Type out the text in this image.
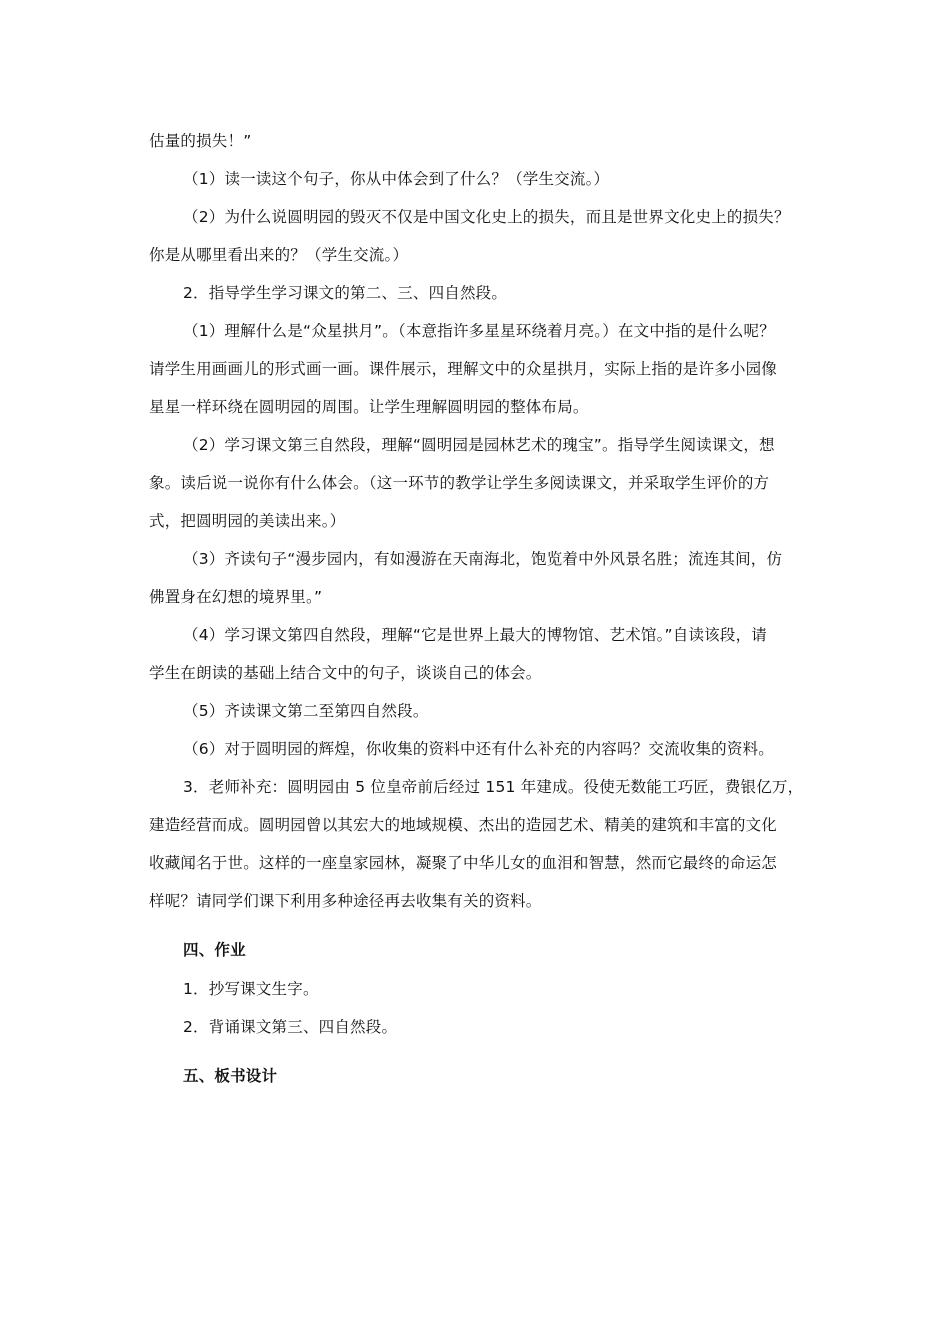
估量的损失！”
（1）读一读这个句子，你从中体会到了什么？（学生交流。）
（2）为什么说圆明园的毁灭不仅是中国文化史上的损失，而且是世界文化史上的损失？
你是从哪里看出来的？（学生交流。）
2．指导学生学习课文的第二、三、四自然段。
（1）理解什么是“众星拱月”。（本意指许多星星环绕着月亮。）在文中指的是什么呢？
请学生用画画儿的形式画一画。课件展示，理解文中的众星拱月，实际上指的是许多小园像
星星一样环绕在圆明园的周围。让学生理解圆明园的整体布局。
（2）学习课文第三自然段，理解“圆明园是园林艺术的瑰宝”。指导学生阅读课文，想
象。读后说一说你有什么体会。（这一环节的教学让学生多阅读课文，并采取学生评价的方
式，把圆明园的美读出来。）
（3）齐读句子“漫步园内，有如漫游在天南海北，饱览着中外风景名胜；流连其间，仿
佛置身在幻想的境界里。”
（4）学习课文第四自然段，理解“它是世界上最大的博物馆、艺术馆。”自读该段，请
学生在朗读的基础上结合文中的句子，谈谈自己的体会。
（5）齐读课文第二至第四自然段。
（6）对于圆明园的辉煌，你收集的资料中还有什么补充的内容吗？交流收集的资料。
3．老师补充：圆明园由 5 位皇帝前后经过 151 年建成。役使无数能工巧匠，费银亿万，
建造经营而成。圆明园曾以其宏大的地域规模、杰出的造园艺术、精美的建筑和丰富的文化
收藏闻名于世。这样的一座皇家园林，凝聚了中华儿女的血泪和智慧，然而它最终的命运怎
样呢？请同学们课下利用多种途径再去收集有关的资料。
四、作业
1．抄写课文生字。
2．背诵课文第三、四自然段。
五、板书设计
